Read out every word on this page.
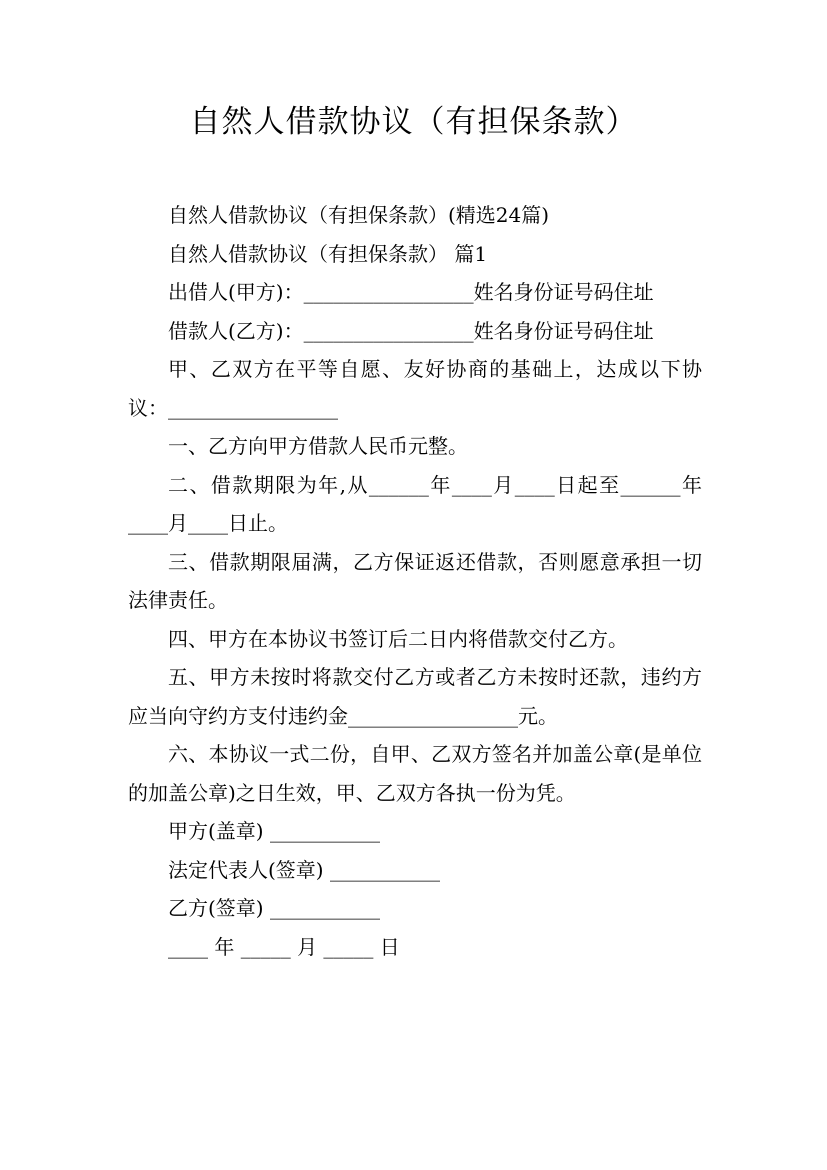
自然人借款协议（有担保条款）

自然人借款协议（有担保条款）(精选24篇)

自然人借款协议（有担保条款） 篇1

出借人(甲方)：_________________姓名身份证号码住址

借款人(乙方)：_________________姓名身份证号码住址

甲、乙双方在平等自愿、友好协商的基础上，达成以下协议：_________________

一、乙方向甲方借款人民币元整。

二、借款期限为年,从______年____月____日起至______年____月____日止。

三、借款期限届满，乙方保证返还借款，否则愿意承担一切法律责任。

四、甲方在本协议书签订后二日内将借款交付乙方。

五、甲方未按时将款交付乙方或者乙方未按时还款，违约方应当向守约方支付违约金_________________元。

六、本协议一式二份，自甲、乙双方签名并加盖公章(是单位的加盖公章)之日生效，甲、乙双方各执一份为凭。

甲方(盖章) ___________

法定代表人(签章) ___________

乙方(签章) ___________

____ 年 _____ 月 _____ 日
